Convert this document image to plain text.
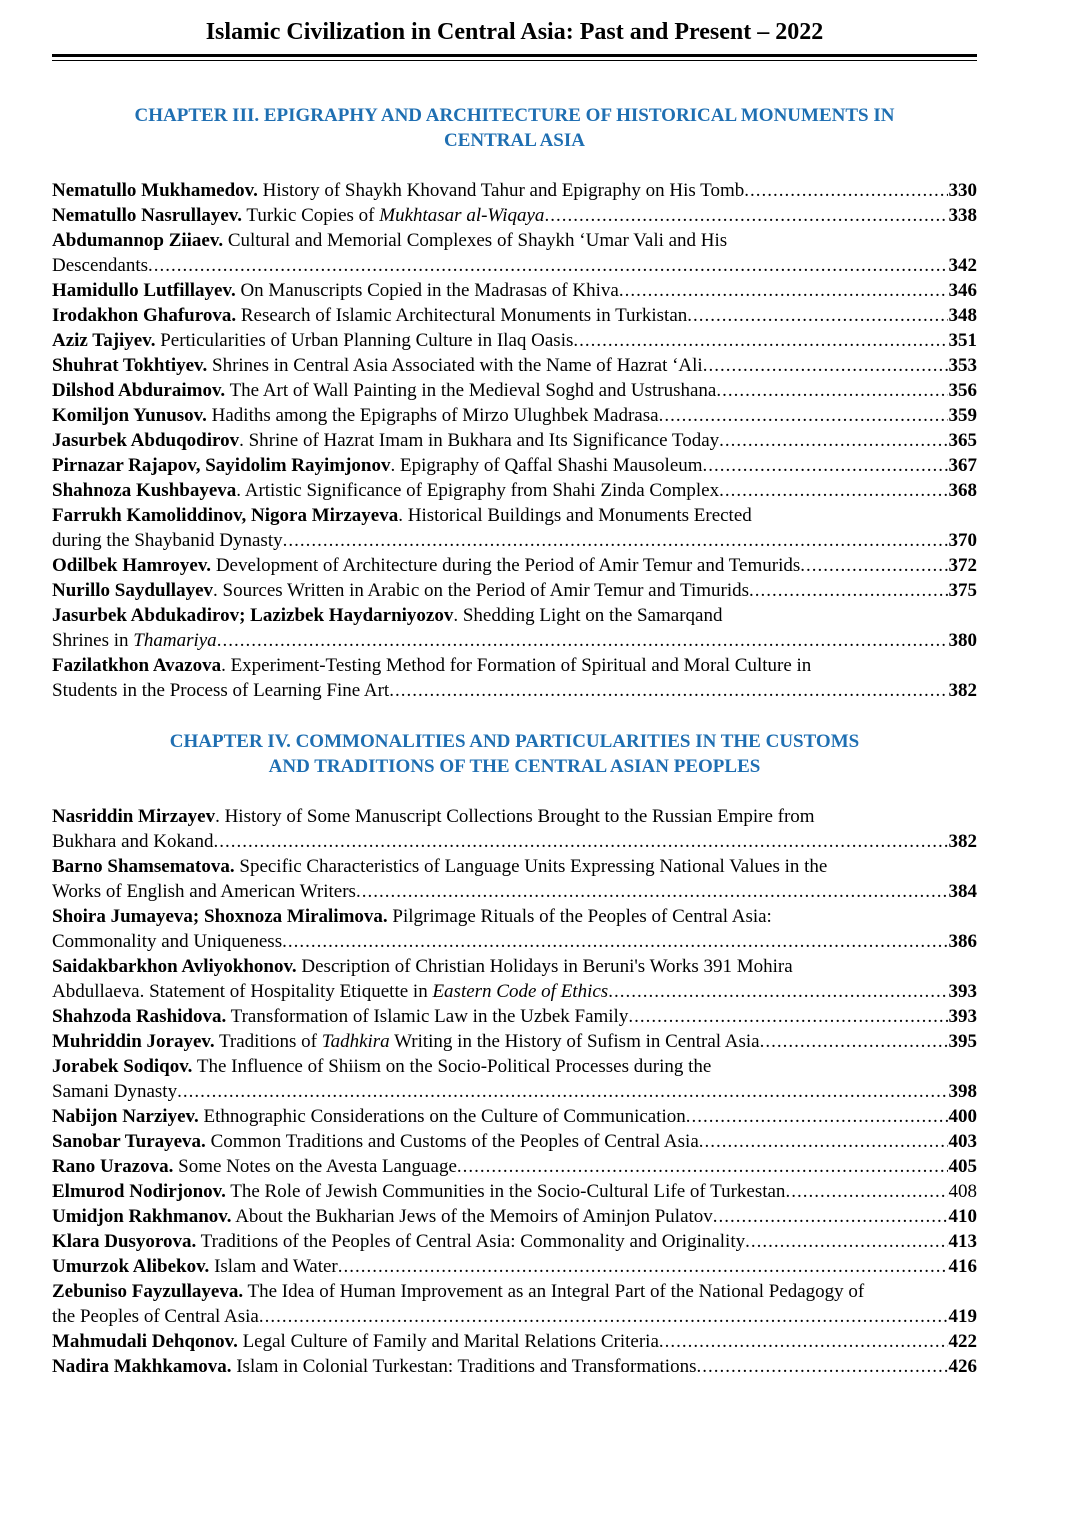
Islamic Civilization in Central Asia: Past and Present – 2022
CHAPTER III. EPIGRAPHY AND ARCHITECTURE OF HISTORICAL MONUMENTS IN
CENTRAL ASIA
Nematullo Mukhamedov. History of Shaykh Khovand Tahur and Epigraphy on His Tomb .....	330
Nematullo Nasrullayev. Turkic Copies of Mukhtasar al-Wiqaya .....	338

Abdumannop Ziiaev. Cultural and Memorial Complexes of Shaykh ‘Umar Vali and His

Descendants .....	342
Hamidullo Lutfillayev. On Manuscripts Copied in the Madrasas of Khiva .....	346
Irodakhon Ghafurova. Research of Islamic Architectural Monuments in Turkistan .....	348
Aziz Tajiyev. Perticularities of Urban Planning Culture in Ilaq Oasis .....	351
Shuhrat Tokhtiyev. Shrines in Central Asia Associated with the Name of Hazrat ‘Ali .....	353
Dilshod Abduraimov. The Art of Wall Painting in the Medieval Soghd and Ustrushana .....	356
Komiljon Yunusov. Hadiths among the Epigraphs of Mirzo Ulughbek Madrasa .....	359
Jasurbek Abduqodirov. Shrine of Hazrat Imam in Bukhara and Its Significance Today .....	365
Pirnazar Rajapov, Sayidolim Rayimjonov. Epigraphy of Qaffal Shashi Mausoleum .....	367
Shahnoza Kushbayeva. Artistic Significance of Epigraphy from Shahi Zinda Complex .....	368

Farrukh Kamoliddinov, Nigora Mirzayeva. Historical Buildings and Monuments Erected

during the Shaybanid Dynasty .....	370
Odilbek Hamroyev. Development of Architecture during the Period of Amir Temur and Temurids .....	372
Nurillo Saydullayev. Sources Written in Arabic on the Period of Amir Temur and Timurids .....	375

Jasurbek Abdukadirov; Lazizbek Haydarniyozov. Shedding Light on the Samarqand

Shrines in Thamariya .....	380

Fazilatkhon Avazova. Experiment-Testing Method for Formation of Spiritual and Moral Culture in

Students in the Process of Learning Fine Art .....	382
CHAPTER IV. COMMONALITIES AND PARTICULARITIES IN THE CUSTOMS
AND TRADITIONS OF THE CENTRAL ASIAN PEOPLES

Nasriddin Mirzayev. History of Some Manuscript Collections Brought to the Russian Empire from

Bukhara and Kokand .....	382

Barno Shamsematova. Specific Characteristics of Language Units Expressing National Values in the

Works of English and American Writers .....	384

Shoira Jumayeva; Shoxnoza Miralimova. Pilgrimage Rituals of the Peoples of Central Asia:

Commonality and Uniqueness .....	386

Saidakbarkhon Avliyokhonov. Description of Christian Holidays in Beruni's Works 391 Mohira

Abdullaeva. Statement of Hospitality Etiquette in Eastern Code of Ethics .....	393
Shahzoda Rashidova. Transformation of Islamic Law in the Uzbek Family .....	393
Muhriddin Jorayev. Traditions of Tadhkira Writing in the History of Sufism in Central Asia .....	395

Jorabek Sodiqov. The Influence of Shiism on the Socio-Political Processes during the

Samani Dynasty .....	398
Nabijon Narziyev. Ethnographic Considerations on the Culture of Communication .....	400
Sanobar Turayeva. Common Traditions and Customs of the Peoples of Central Asia .....	403
Rano Urazova. Some Notes on the Avesta Language .....	405
Elmurod Nodirjonov. The Role of Jewish Communities in the Socio-Cultural Life of Turkestan .....	408
Umidjon Rakhmanov. About the Bukharian Jews of the Memoirs of Aminjon Pulatov .....	410
Klara Dusyorova. Traditions of the Peoples of Central Asia: Commonality and Originality .....	413
Umurzok Alibekov. Islam and Water .....	416

Zebuniso Fayzullayeva. The Idea of Human Improvement as an Integral Part of the National Pedagogy of

the Peoples of Central Asia .....	419
Mahmudali Dehqonov. Legal Culture of Family and Marital Relations Criteria .....	422
Nadira Makhkamova. Islam in Colonial Turkestan: Traditions and Transformations .....	426
